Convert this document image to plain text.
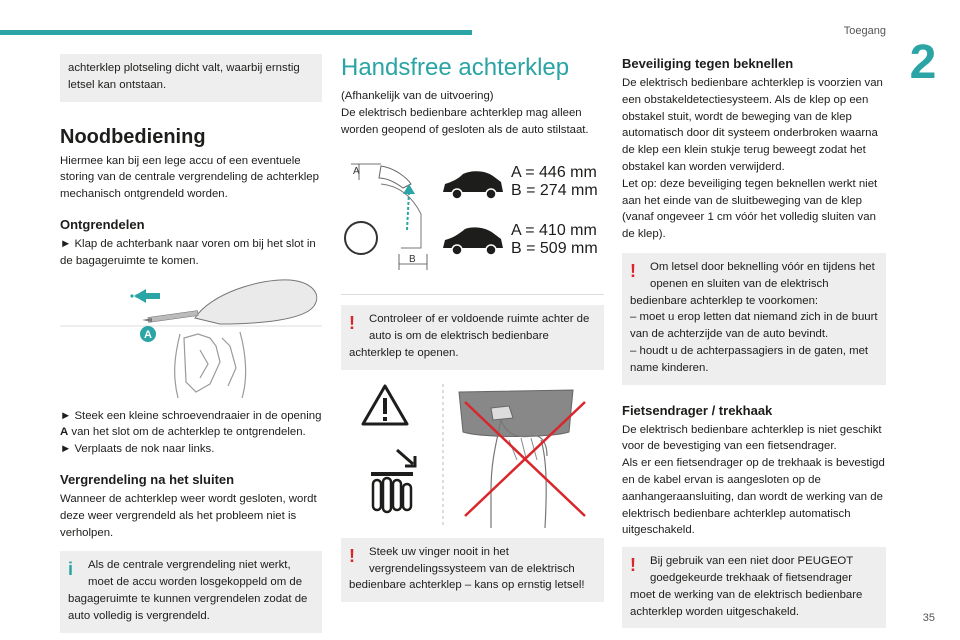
Toegang
2
35
achterklep plotseling dicht valt, waarbij ernstig letsel kan ontstaan.
Noodbediening

Hiermee kan bij een lege accu of een eventuele storing van de centrale vergrendeling de achterklep mechanisch ontgrendeld worden.

Ontgrendelen

► Klap de achterbank naar voren om bij het slot in de bagageruimte te komen.

A

► Steek een kleine schroevendraaier in de opening A van het slot om de achterklep te ontgrendelen.

► Verplaats de nok naar links.

Vergrendeling na het sluiten

Wanneer de achterklep weer wordt gesloten, wordt deze weer vergrendeld als het probleem niet is verholpen.

i	Als de centrale vergrendeling niet werkt, moet de accu worden losgekoppeld om de
bagageruimte te kunnen vergrendelen zodat de auto volledig is vergrendeld.
Handsfree achterklep

(Afhankelijk van de uitvoering)

De elektrisch bedienbare achterklep mag alleen worden geopend of gesloten als de auto stilstaat.

A
B
A = 446 mm
B = 274 mm
A = 410 mm
B = 509 mm
!	Controleer of er voldoende ruimte achter de auto is om de elektrisch bedienbare
achterklep te openen.
!	Steek uw vinger nooit in het vergrendelingssysteem van de elektrisch
bedienbare achterklep – kans op ernstig letsel!
Beveiliging tegen beknellen

De elektrisch bedienbare achterklep is voorzien van een obstakeldetectiesysteem. Als de klep op een obstakel stuit, wordt de beweging van de klep automatisch door dit systeem onderbroken waarna de klep een klein stukje terug beweegt zodat het obstakel kan worden verwijderd.

Let op: deze beveiliging tegen beknellen werkt niet aan het einde van de sluitbeweging van de klep (vanaf ongeveer 1 cm vóór het volledig sluiten van de klep).

!	Om letsel door beknelling vóór en tijdens het openen en sluiten van de elektrisch
bedienbare achterklep te voorkomen:
– moet u erop letten dat niemand zich in de buurt van de achterzijde van de auto bevindt.
– houdt u de achterpassagiers in de gaten, met name kinderen.
Fietsendrager / trekhaak

De elektrisch bedienbare achterklep is niet geschikt voor de bevestiging van een fietsendrager.

Als er een fietsendrager op de trekhaak is bevestigd en de kabel ervan is aangesloten op de aanhangeraansluiting, dan wordt de werking van de elektrisch bedienbare achterklep automatisch uitgeschakeld.

!	Bij gebruik van een niet door PEUGEOT goedgekeurde trekhaak of fietsendrager
moet de werking van de elektrisch bedienbare achterklep worden uitgeschakeld.
